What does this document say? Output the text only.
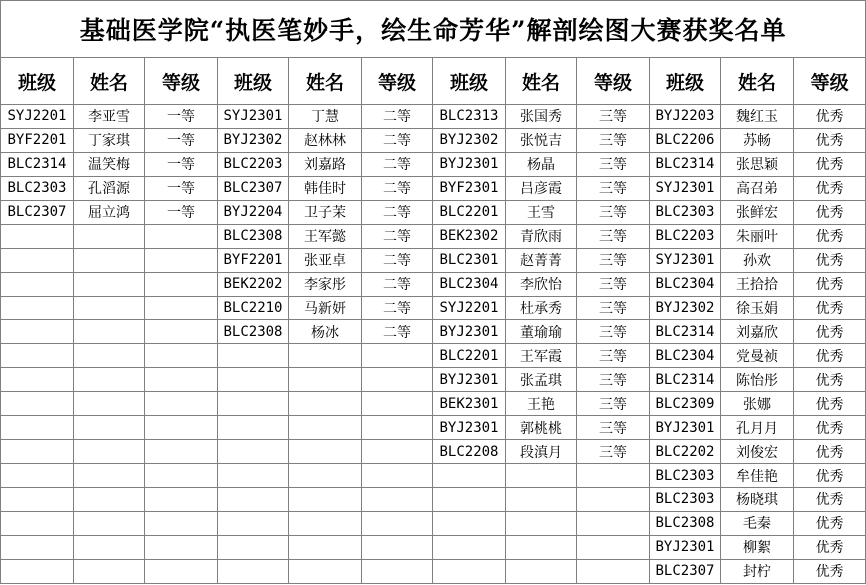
基础医学院“执医笔妙手，绘生命芳华”解剖绘图大赛获奖名单											
班级	姓名	等级	班级	姓名	等级	班级	姓名	等级	班级	姓名	等级
SYJ2201	李亚雪	一等	SYJ2301	丁慧	二等	BLC2313	张国秀	三等	BYJ2203	魏红玉	优秀
BYF2201	丁家琪	一等	BYJ2302	赵林林	二等	BYJ2302	张悦吉	三等	BLC2206	苏畅	优秀
BLC2314	温笑梅	一等	BLC2203	刘嘉路	二等	BYJ2301	杨晶	三等	BLC2314	张思颖	优秀
BLC2303	孔滔源	一等	BLC2307	韩佳时	二等	BYF2301	吕彦霞	三等	SYJ2301	高召弟	优秀
BLC2307	屈立鸿	一等	BYJ2204	卫子茉	二等	BLC2201	王雪	三等	BLC2303	张鲜宏	优秀
			BLC2308	王军懿	二等	BEK2302	青欣雨	三等	BLC2203	朱丽叶	优秀
			BYF2201	张亚卓	二等	BLC2301	赵菁菁	三等	SYJ2301	孙欢	优秀
			BEK2202	李家彤	二等	BLC2304	李欣怡	三等	BLC2304	王拾拾	优秀
			BLC2210	马新妍	二等	SYJ2201	杜承秀	三等	BYJ2302	徐玉娟	优秀
			BLC2308	杨冰	二等	BYJ2301	董瑜瑜	三等	BLC2314	刘嘉欣	优秀
						BLC2201	王军霞	三等	BLC2304	党曼祯	优秀
						BYJ2301	张孟琪	三等	BLC2314	陈怡彤	优秀
						BEK2301	王艳	三等	BLC2309	张娜	优秀
						BYJ2301	郭桃桃	三等	BYJ2301	孔月月	优秀
						BLC2208	段滇月	三等	BLC2202	刘俊宏	优秀
									BLC2303	牟佳艳	优秀
									BLC2303	杨晓琪	优秀
									BLC2308	毛秦	优秀
									BYJ2301	柳絮	优秀
									BLC2307	封柠	优秀
